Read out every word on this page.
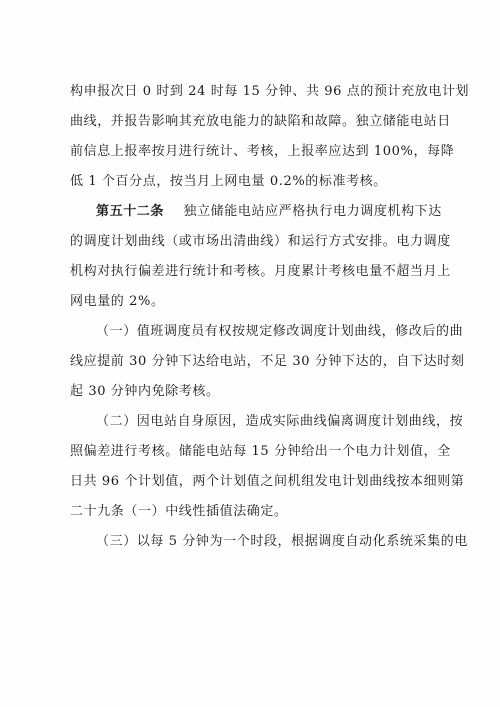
构申报次日 0 时到 24 时每 15 分钟、共 96 点的预计充放电计划
曲线，并报告影响其充放电能力的缺陷和故障。独立储能电站日
前信息上报率按月进行统计、考核，上报率应达到 100%，每降
低 1 个百分点，按当月上网电量 0.2%的标准考核。
第五十二条 独立储能电站应严格执行电力调度机构下达
的调度计划曲线（或市场出清曲线）和运行方式安排。电力调度
机构对执行偏差进行统计和考核。月度累计考核电量不超当月上
网电量的 2%。
（一）值班调度员有权按规定修改调度计划曲线，修改后的曲
线应提前 30 分钟下达给电站，不足 30 分钟下达的，自下达时刻
起 30 分钟内免除考核。
（二）因电站自身原因，造成实际曲线偏离调度计划曲线，按
照偏差进行考核。储能电站每 15 分钟给出一个电力计划值，全
日共 96 个计划值，两个计划值之间机组发电计划曲线按本细则第
二十九条（一）中线性插值法确定。
（三）以每 5 分钟为一个时段，根据调度自动化系统采集的电
